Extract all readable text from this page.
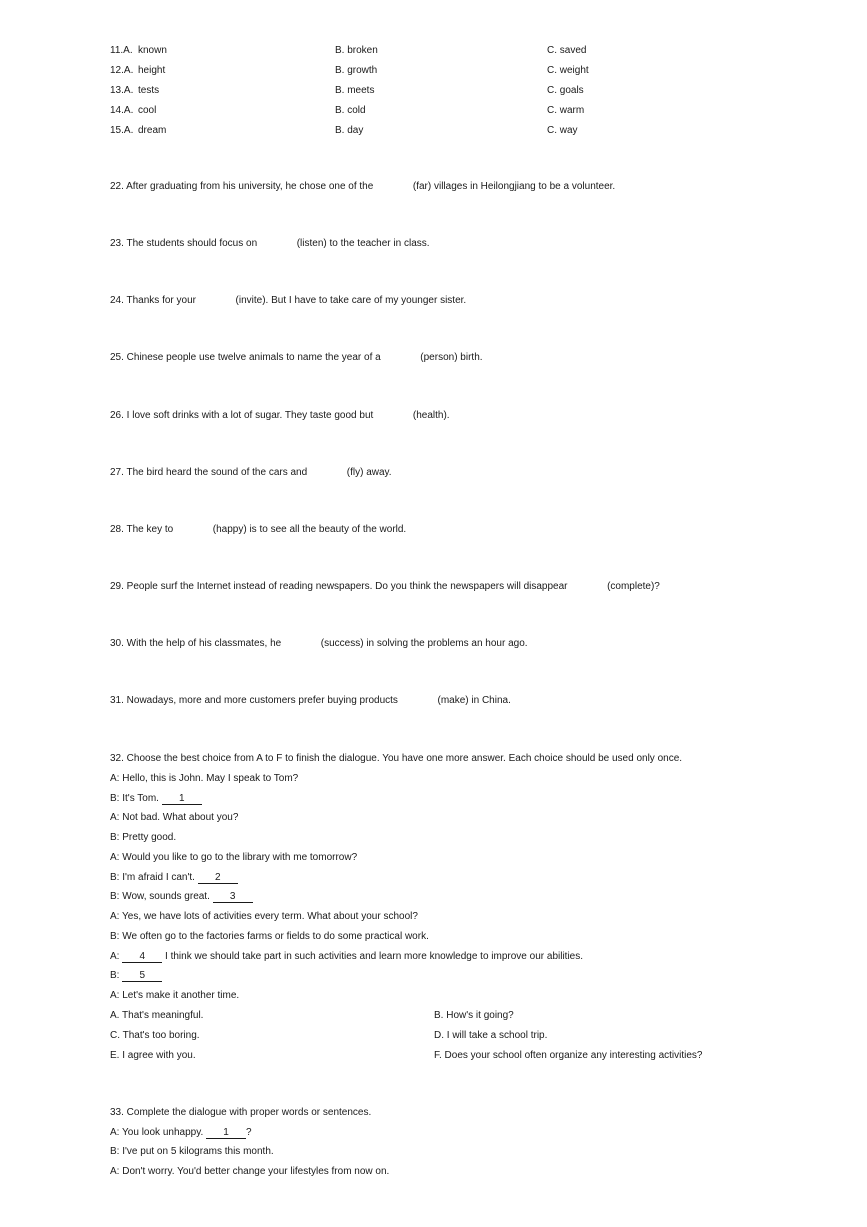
11.A. known	B. broken	C. saved
12.A. height	B. growth	C. weight
13.A. tests	B. meets	C. goals
14.A. cool	B. cold	C. warm
15.A. dream	B. day	C. way
22. After graduating from his university, he chose one of the	(far) villages in Heilongjiang to be a volunteer.
23. The students should focus on	(listen) to the teacher in class.
24. Thanks for your	(invite). But I have to take care of my younger sister.
25. Chinese people use twelve animals to name the year of a	(person) birth.
26. I love soft drinks with a lot of sugar. They taste good but	(health).
27. The bird heard the sound of the cars and	(fly) away.
28. The key to	(happy) is to see all the beauty of the world.
29. People surf the Internet instead of reading newspapers. Do you think the newspapers will disappear	(complete)?
30. With the help of his classmates, he	(success) in solving the problems an hour ago.
31. Nowadays, more and more customers prefer buying products	(make) in China.
32. Choose the best choice from A to F to finish the dialogue. You have one more answer. Each choice should be used only once.
A: Hello, this is John. May I speak to Tom?
B: It's Tom. 1
A: Not bad. What about you?
B: Pretty good.
A: Would you like to go to the library with me tomorrow?
B: I'm afraid I can't. 2
B: Wow, sounds great. 3
A: Yes, we have lots of activities every term. What about your school?
B: We often go to the factories farms or fields to do some practical work.
A: 4 I think we should take part in such activities and learn more knowledge to improve our abilities.
B: 5
A: Let's make it another time.
A. That's meaningful.	B. How's it going?
C. That's too boring.	D. I will take a school trip.
E. I agree with you.	F. Does your school often organize any interesting activities?
33. Complete the dialogue with proper words or sentences.
A: You look unhappy. 1 ?
B: I've put on 5 kilograms this month.
A: Don't worry. You'd better change your lifestyles from now on.
